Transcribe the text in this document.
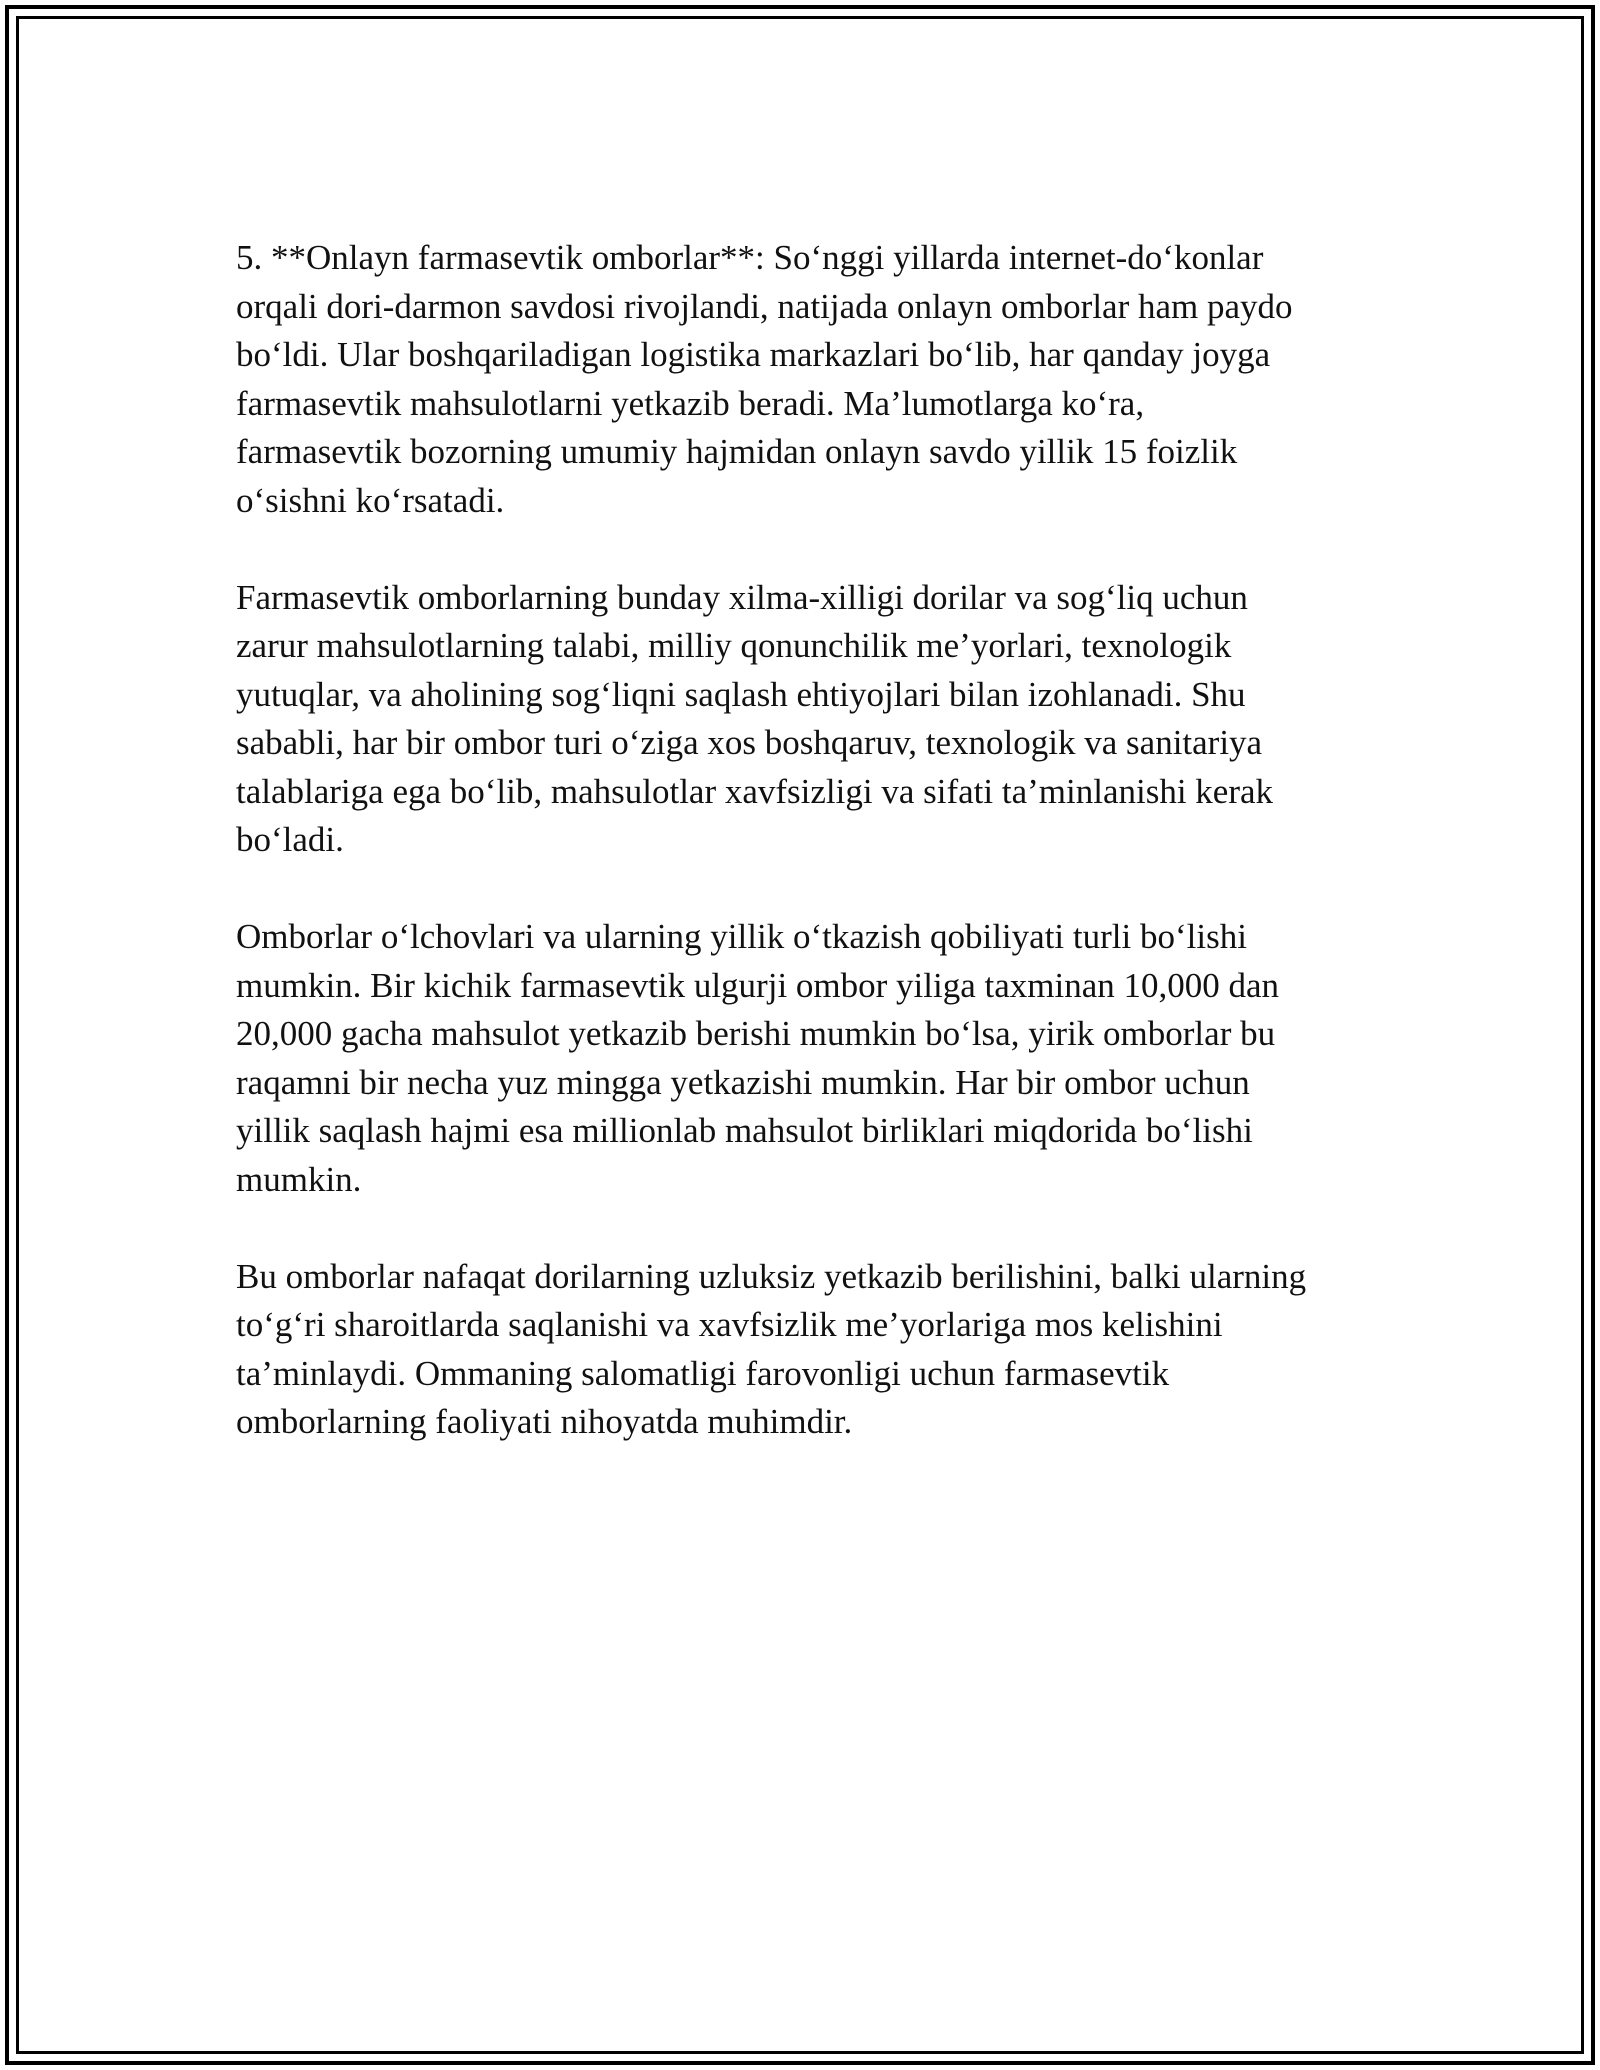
5. **Onlayn farmasevtik omborlar**: So‘nggi yillarda internet-do‘konlar
orqali dori-darmon savdosi rivojlandi, natijada onlayn omborlar ham paydo
bo‘ldi. Ular boshqariladigan logistika markazlari bo‘lib, har qanday joyga
farmasevtik mahsulotlarni yetkazib beradi. Ma’lumotlarga ko‘ra,
farmasevtik bozorning umumiy hajmidan onlayn savdo yillik 15 foizlik
o‘sishni ko‘rsatadi.

Farmasevtik omborlarning bunday xilma-xilligi dorilar va sog‘liq uchun
zarur mahsulotlarning talabi, milliy qonunchilik me’yorlari, texnologik
yutuqlar, va aholining sog‘liqni saqlash ehtiyojlari bilan izohlanadi. Shu
sababli, har bir ombor turi o‘ziga xos boshqaruv, texnologik va sanitariya
talablariga ega bo‘lib, mahsulotlar xavfsizligi va sifati ta’minlanishi kerak
bo‘ladi.

Omborlar o‘lchovlari va ularning yillik o‘tkazish qobiliyati turli bo‘lishi
mumkin. Bir kichik farmasevtik ulgurji ombor yiliga taxminan 10,000 dan
20,000 gacha mahsulot yetkazib berishi mumkin bo‘lsa, yirik omborlar bu
raqamni bir necha yuz mingga yetkazishi mumkin. Har bir ombor uchun
yillik saqlash hajmi esa millionlab mahsulot birliklari miqdorida bo‘lishi
mumkin.

Bu omborlar nafaqat dorilarning uzluksiz yetkazib berilishini, balki ularning
to‘g‘ri sharoitlarda saqlanishi va xavfsizlik me’yorlariga mos kelishini
ta’minlaydi. Ommaning salomatligi farovonligi uchun farmasevtik
omborlarning faoliyati nihoyatda muhimdir.
